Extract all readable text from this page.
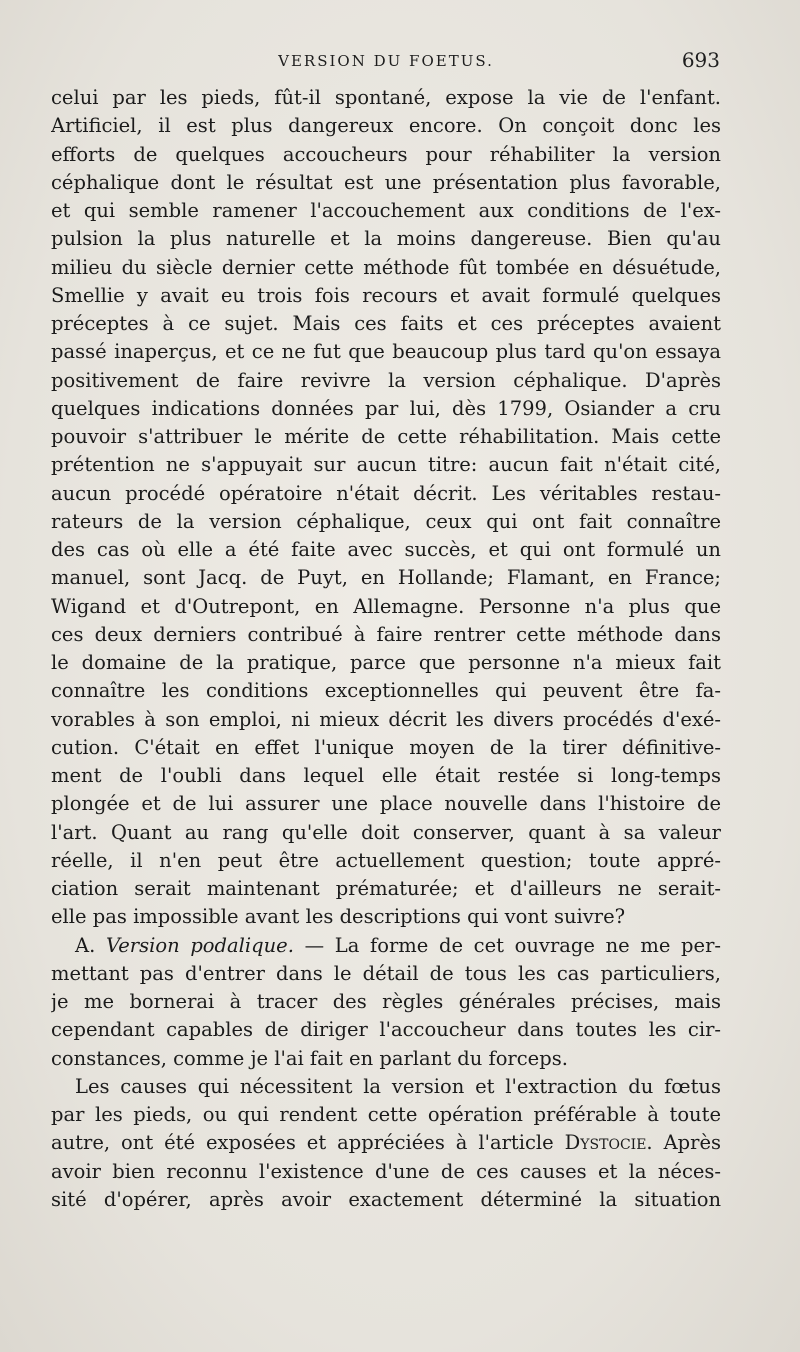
VERSION DU FOETUS.	693
celui par les pieds, fût-il spontané, expose la vie de l'enfant.
Artificiel, il est plus dangereux encore. On conçoit donc les
efforts de quelques accoucheurs pour réhabiliter la version
céphalique dont le résultat est une présentation plus favorable,
et qui semble ramener l'accouchement aux conditions de l'ex-
pulsion la plus naturelle et la moins dangereuse. Bien qu'au
milieu du siècle dernier cette méthode fût tombée en désuétude,
Smellie y avait eu trois fois recours et avait formulé quelques
préceptes à ce sujet. Mais ces faits et ces préceptes avaient
passé inaperçus, et ce ne fut que beaucoup plus tard qu'on essaya
positivement de faire revivre la version céphalique. D'après
quelques indications données par lui, dès 1799, Osiander a cru
pouvoir s'attribuer le mérite de cette réhabilitation. Mais cette
prétention ne s'appuyait sur aucun titre: aucun fait n'était cité,
aucun procédé opératoire n'était décrit. Les véritables restau-
rateurs de la version céphalique, ceux qui ont fait connaître
des cas où elle a été faite avec succès, et qui ont formulé un
manuel, sont Jacq. de Puyt, en Hollande; Flamant, en France;
Wigand et d'Outrepont, en Allemagne. Personne n'a plus que
ces deux derniers contribué à faire rentrer cette méthode dans
le domaine de la pratique, parce que personne n'a mieux fait
connaître les conditions exceptionnelles qui peuvent être fa-
vorables à son emploi, ni mieux décrit les divers procédés d'exé-
cution. C'était en effet l'unique moyen de la tirer définitive-
ment de l'oubli dans lequel elle était restée si long-temps
plongée et de lui assurer une place nouvelle dans l'histoire de
l'art. Quant au rang qu'elle doit conserver, quant à sa valeur
réelle, il n'en peut être actuellement question; toute appré-
ciation serait maintenant prématurée; et d'ailleurs ne serait-
elle pas impossible avant les descriptions qui vont suivre?
A. Version podalique. — La forme de cet ouvrage ne me per-
mettant pas d'entrer dans le détail de tous les cas particuliers,
je me bornerai à tracer des règles générales précises, mais
cependant capables de diriger l'accoucheur dans toutes les cir-
constances, comme je l'ai fait en parlant du forceps.
Les causes qui nécessitent la version et l'extraction du fœtus
par les pieds, ou qui rendent cette opération préférable à toute
autre, ont été exposées et appréciées à l'article Dystocie. Après
avoir bien reconnu l'existence d'une de ces causes et la néces-
sité d'opérer, après avoir exactement déterminé la situation
